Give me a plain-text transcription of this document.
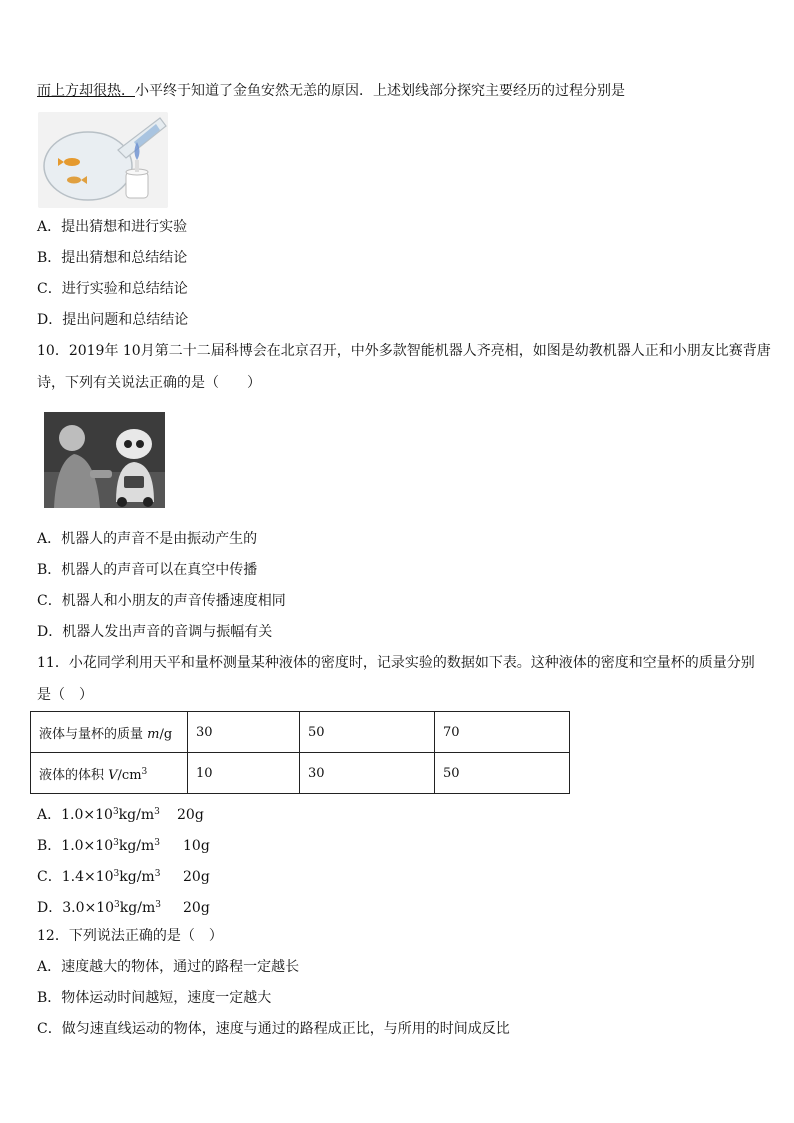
而上方却很热．小平终于知道了金鱼安然无恙的原因．上述划线部分探究主要经历的过程分别是
A．提出猜想和进行实验
B．提出猜想和总结结论
C．进行实验和总结结论
D．提出问题和总结结论
10．2019年 10月第二十二届科博会在北京召开，中外多款智能机器人齐亮相，如图是幼教机器人正和小朋友比赛背唐
诗，下列有关说法正确的是（　　）
A．机器人的声音不是由振动产生的
B．机器人的声音可以在真空中传播
C．机器人和小朋友的声音传播速度相同
D．机器人发出声音的音调与振幅有关
11．小花同学利用天平和量杯测量某种液体的密度时，记录实验的数据如下表。这种液体的密度和空量杯的质量分别
是（　）
液体与量杯的质量 m/g	30	50	70
液体的体积 $V/cm^3$	10	30	50
A．$1.0\times 10^3kg/m^3$ 20g
B．$1.0\times 10^3kg/m^3$ 10g
C．$1.4\times 10^3kg/m^3$ 20g
D．$3.0\times 10^3kg/m^3$ 20g
12．下列说法正确的是（　）
A．速度越大的物体，通过的路程一定越长
B．物体运动时间越短，速度一定越大
C．做匀速直线运动的物体，速度与通过的路程成正比，与所用的时间成反比
